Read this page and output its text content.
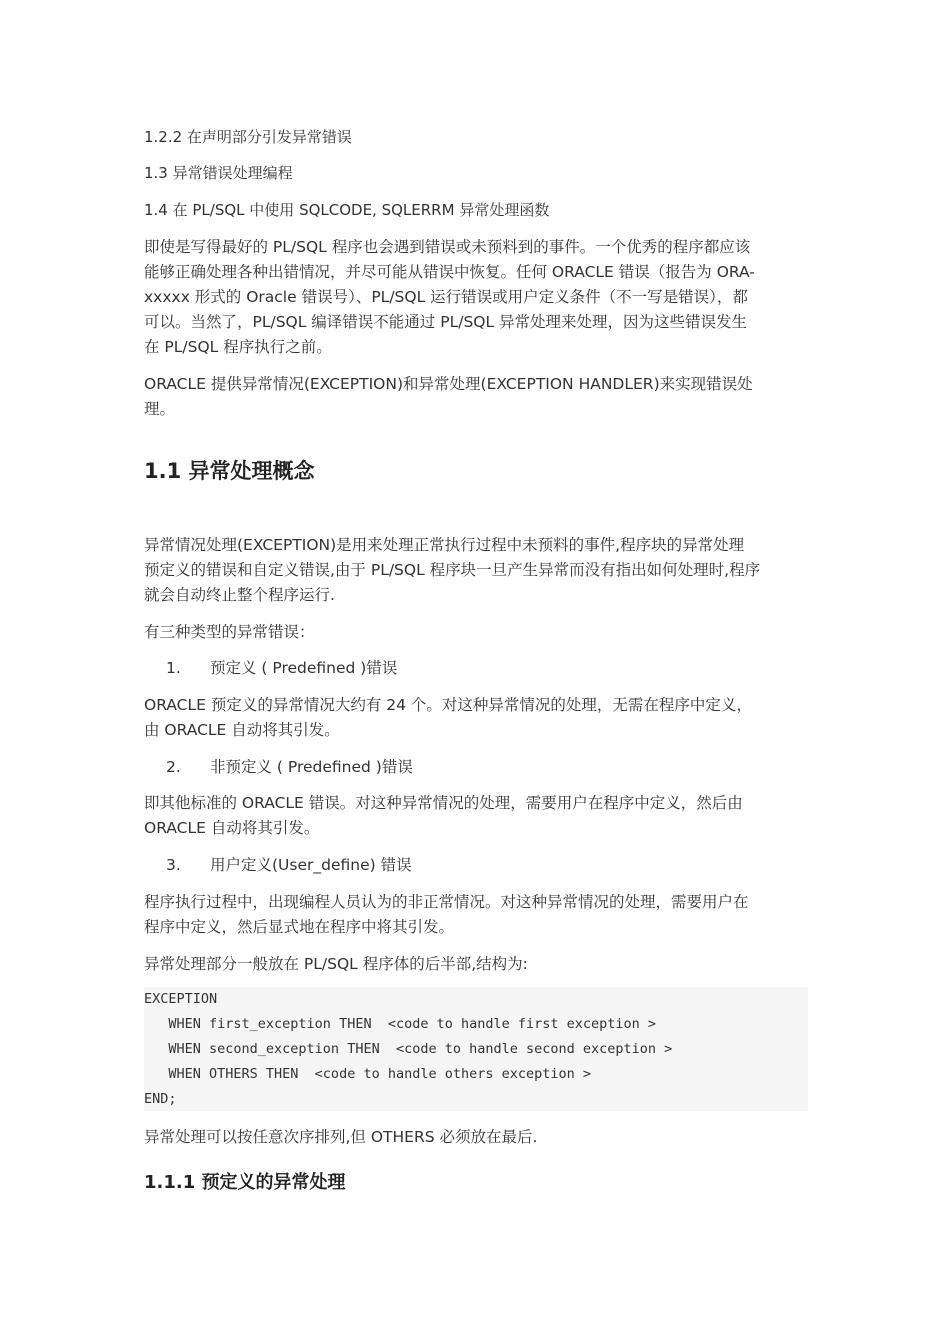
1.2.2 在声明部分引发异常错误
1.3 异常错误处理编程
1.4 在 PL/SQL 中使用 SQLCODE, SQLERRM 异常处理函数
即使是写得最好的 PL/SQL 程序也会遇到错误或未预料到的事件。一个优秀的程序都应该
能够正确处理各种出错情况，并尽可能从错误中恢复。任何 ORACLE 错误（报告为 ORA-
xxxxx 形式的 Oracle 错误号）、PL/SQL 运行错误或用户定义条件（不一写是错误），都
可以。当然了，PL/SQL 编译错误不能通过 PL/SQL 异常处理来处理，因为这些错误发生
在 PL/SQL 程序执行之前。
ORACLE 提供异常情况(EXCEPTION)和异常处理(EXCEPTION HANDLER)来实现错误处
理。
1.1 异常处理概念
异常情况处理(EXCEPTION)是用来处理正常执行过程中未预料的事件,程序块的异常处理
预定义的错误和自定义错误,由于 PL/SQL 程序块一旦产生异常而没有指出如何处理时,程序
就会自动终止整个程序运行.
有三种类型的异常错误：
1. 预定义 ( Predefined )错误
ORACLE 预定义的异常情况大约有 24 个。对这种异常情况的处理，无需在程序中定义，
由 ORACLE 自动将其引发。
2. 非预定义 ( Predefined )错误
即其他标准的 ORACLE 错误。对这种异常情况的处理，需要用户在程序中定义，然后由
ORACLE 自动将其引发。
3. 用户定义(User_define) 错误
程序执行过程中，出现编程人员认为的非正常情况。对这种异常情况的处理，需要用户在
程序中定义，然后显式地在程序中将其引发。
异常处理部分一般放在 PL/SQL 程序体的后半部,结构为:
EXCEPTION
WHEN first_exception THEN  <code to handle first exception >
WHEN second_exception THEN  <code to handle second exception >
WHEN OTHERS THEN  <code to handle others exception >
END;
异常处理可以按任意次序排列,但 OTHERS 必须放在最后.
1.1.1 预定义的异常处理
